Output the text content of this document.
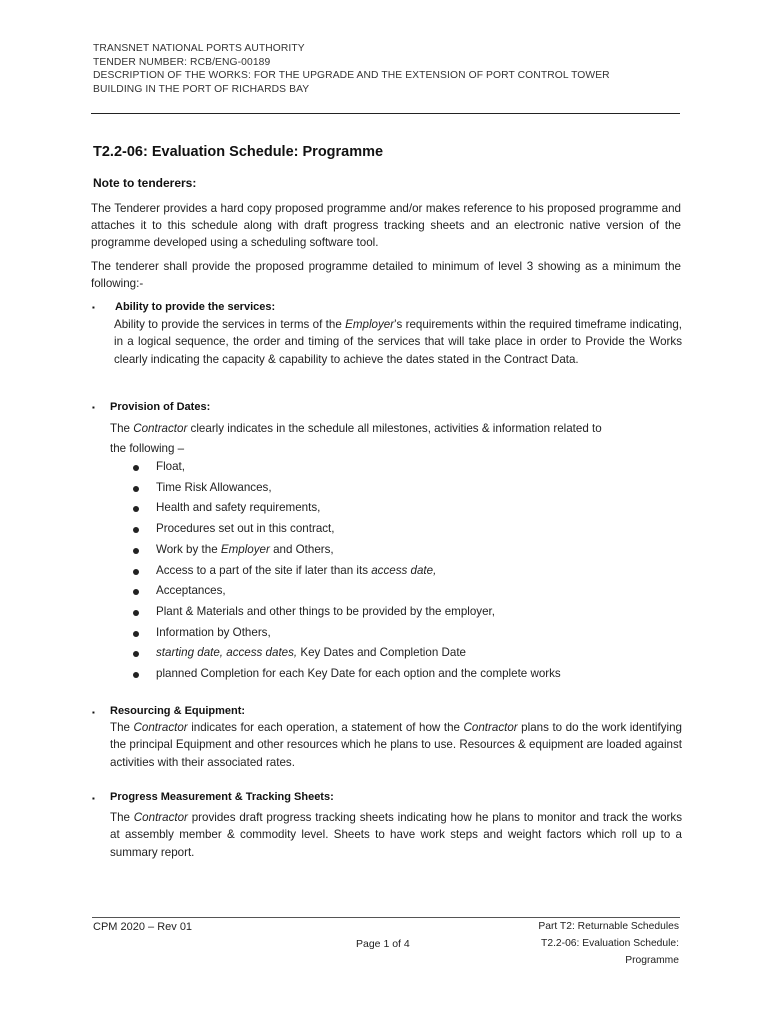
TRANSNET NATIONAL PORTS AUTHORITY
TENDER NUMBER: RCB/ENG-00189
DESCRIPTION OF THE WORKS: FOR THE UPGRADE AND THE EXTENSION OF PORT CONTROL TOWER
BUILDING IN THE PORT OF RICHARDS BAY
T2.2-06: Evaluation Schedule: Programme
Note to tenderers:
The Tenderer provides a hard copy proposed programme and/or makes reference to his proposed programme and attaches it to this schedule along with draft progress tracking sheets and an electronic native version of the programme developed using a scheduling software tool.
The tenderer shall provide the proposed programme detailed to minimum of level 3 showing as a minimum the following:-
▪ Ability to provide the services:
Ability to provide the services in terms of the Employer’s requirements within the required timeframe indicating, in a logical sequence, the order and timing of the services that will take place in order to Provide the Works clearly indicating the capacity & capability to achieve the dates stated in the Contract Data.
▪ Provision of Dates:
The Contractor clearly indicates in the schedule all milestones, activities & information related to
the following –
Float,
Time Risk Allowances,
Health and safety requirements,
Procedures set out in this contract,
Work by the Employer and Others,
Access to a part of the site if later than its access date,
Acceptances,
Plant & Materials and other things to be provided by the employer,
Information by Others,
starting date, access dates, Key Dates and Completion Date
planned Completion for each Key Date for each option and the complete works
▪ Resourcing & Equipment:
The Contractor indicates for each operation, a statement of how the Contractor plans to do the work identifying the principal Equipment and other resources which he plans to use. Resources & equipment are loaded against activities with their associated rates.
▪ Progress Measurement & Tracking Sheets:
The Contractor provides draft progress tracking sheets indicating how he plans to monitor and track the works at assembly member & commodity level. Sheets to have work steps and weight factors which roll up to a summary report.
CPM 2020 – Rev 01
Page 1 of 4
Part T2: Returnable Schedules
T2.2-06: Evaluation Schedule:
Programme
